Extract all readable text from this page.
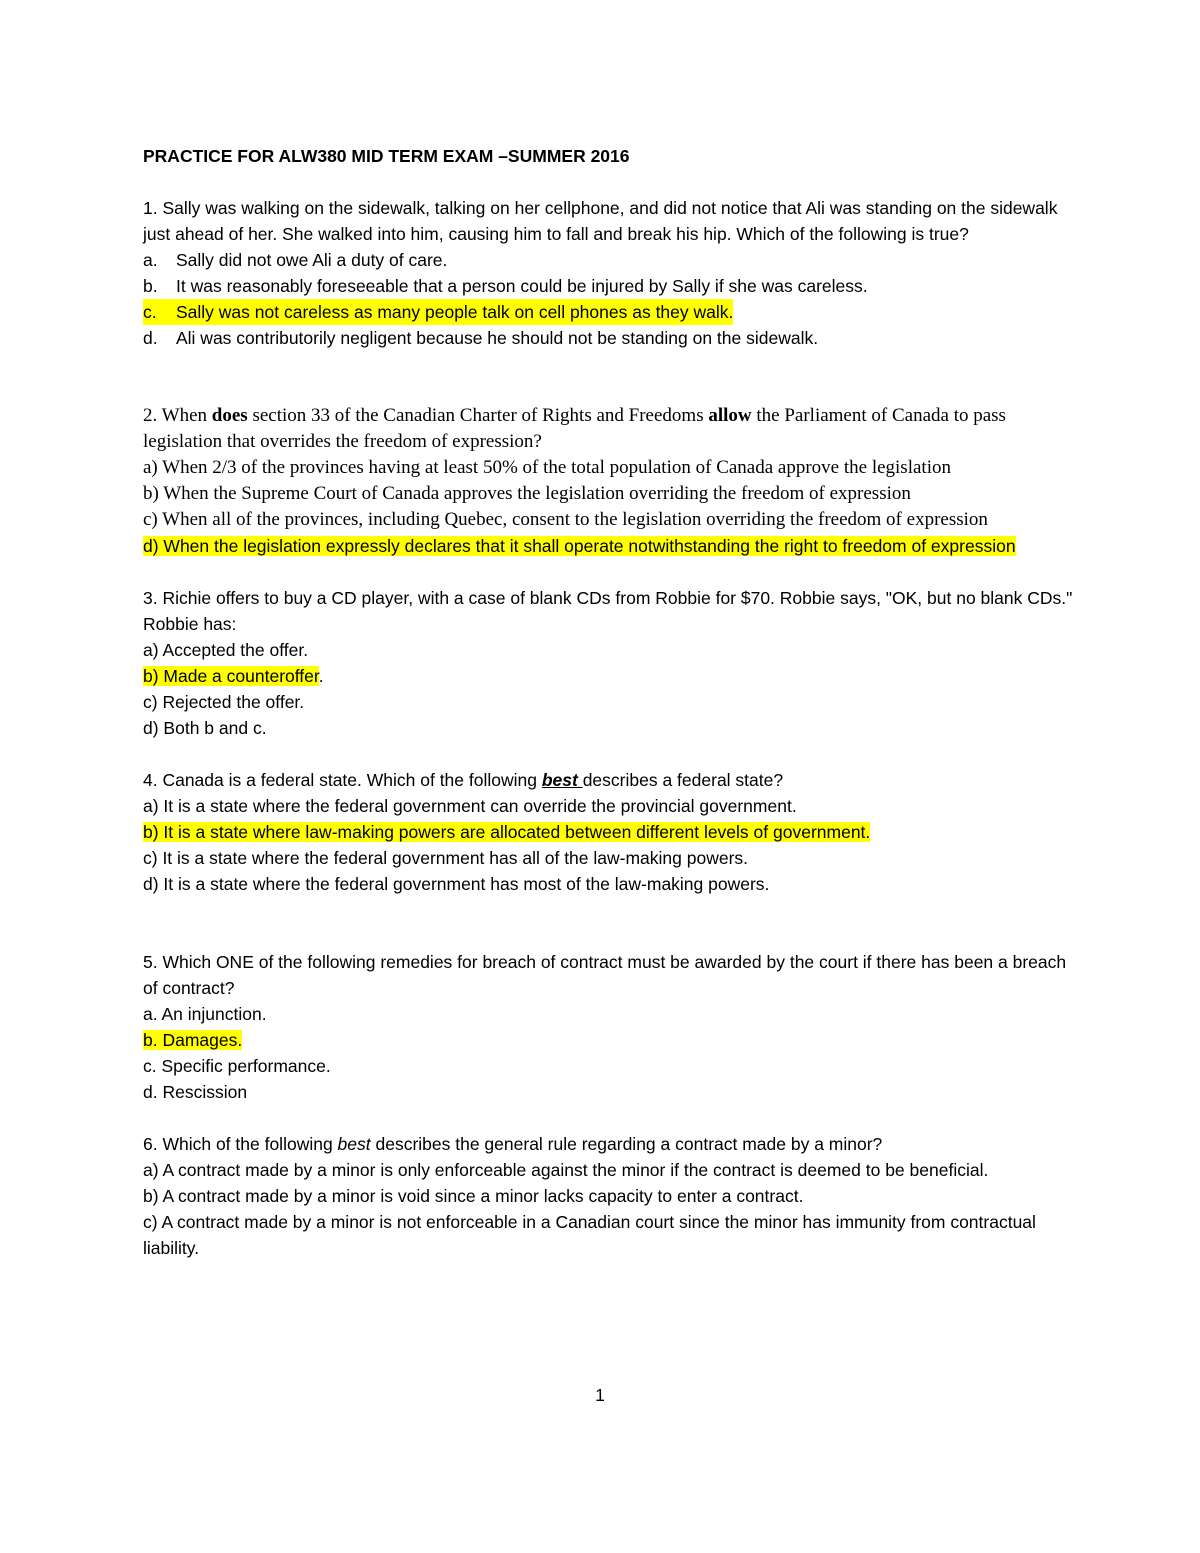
PRACTICE FOR ALW380 MID TERM EXAM –SUMMER 2016

1. Sally was walking on the sidewalk, talking on her cellphone, and did not notice that Ali was standing on the sidewalk just ahead of her. She walked into him, causing him to fall and break his hip. Which of the following is true?

a.	Sally did not owe Ali a duty of care.
b.	It was reasonably foreseeable that a person could be injured by Sally if she was careless.
c.	Sally was not careless as many people talk on cell phones as they walk.
d.	Ali was contributorily negligent because he should not be standing on the sidewalk.

2. When does section 33 of the Canadian Charter of Rights and Freedoms allow the Parliament of Canada to pass legislation that overrides the freedom of expression?

a) When 2/3 of the provinces having at least 50% of the total population of Canada approve the legislation

b) When the Supreme Court of Canada approves the legislation overriding the freedom of expression

c) When all of the provinces, including Quebec, consent to the legislation overriding the freedom of expression

d) When the legislation expressly declares that it shall operate notwithstanding the right to freedom of expression

3. Richie offers to buy a CD player, with a case of blank CDs from Robbie for $70. Robbie says, "OK, but no blank CDs." Robbie has:

a) Accepted the offer.

b) Made a counteroffer.

c) Rejected the offer.

d) Both b and c.

4. Canada is a federal state. Which of the following best describes a federal state?

a) It is a state where the federal government can override the provincial government.

b) It is a state where law-making powers are allocated between different levels of government.

c) It is a state where the federal government has all of the law-making powers.

d) It is a state where the federal government has most of the law-making powers.

5. Which ONE of the following remedies for breach of contract must be awarded by the court if there has been a breach of contract?

a. An injunction.

b. Damages.

c. Specific performance.

d. Rescission

6. Which of the following best describes the general rule regarding a contract made by a minor?

a) A contract made by a minor is only enforceable against the minor if the contract is deemed to be beneficial.

b) A contract made by a minor is void since a minor lacks capacity to enter a contract.

c) A contract made by a minor is not enforceable in a Canadian court since the minor has immunity from contractual liability.

1
